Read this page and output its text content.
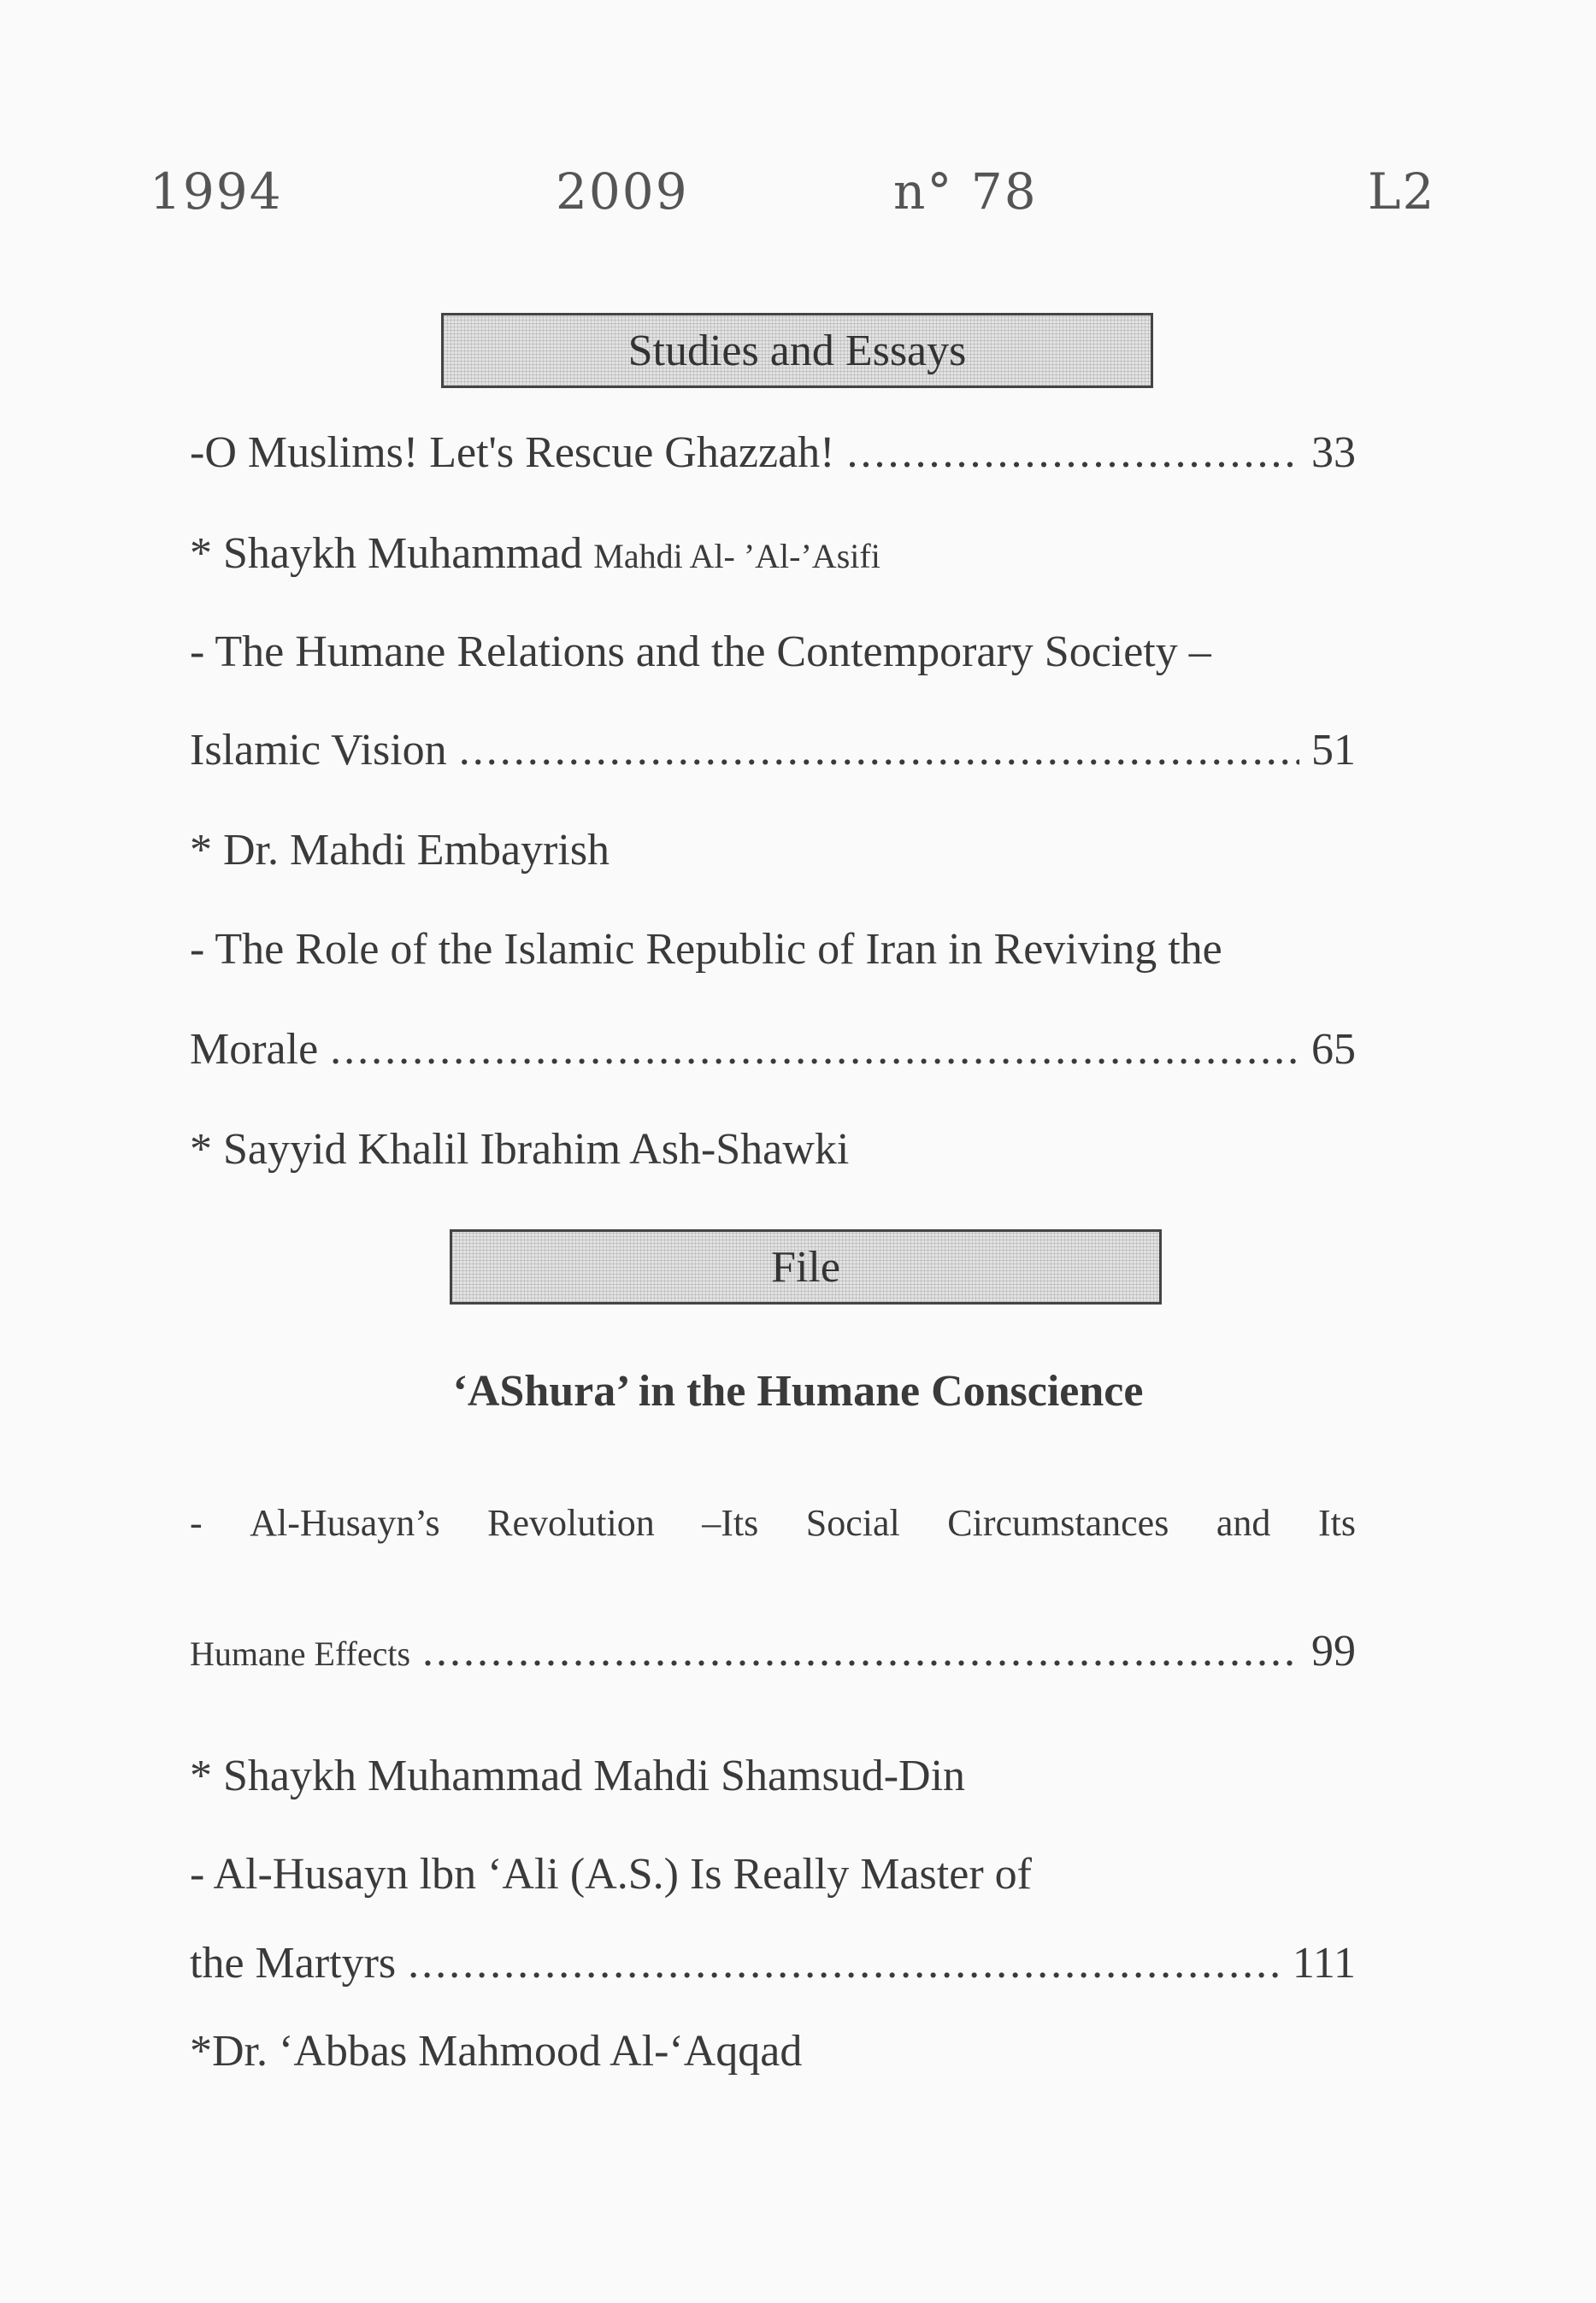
1994	2009	n° 78	L2
Studies and Essays
-O Muslims! Let's Rescue Ghazzah! .....	33
* Shaykh Muhammad Mahdi Al- ’Al-’Asifi
- The Humane Relations and the Contemporary Society –
Islamic Vision .....	51
* Dr. Mahdi Embayrish
- The Role of the Islamic Republic of Iran in Reviving the
Morale .....	65
* Sayyid Khalil Ibrahim Ash-Shawki
File
‘AShura’ in the Humane Conscience
- Al-Husayn’s Revolution –Its Social Circumstances and Its
Humane Effects .....	99
* Shaykh Muhammad Mahdi Shamsud-Din
- Al-Husayn lbn ‘Ali (A.S.) Is Really Master of
the Martyrs .....	111
*Dr. ‘Abbas Mahmood Al-‘Aqqad
